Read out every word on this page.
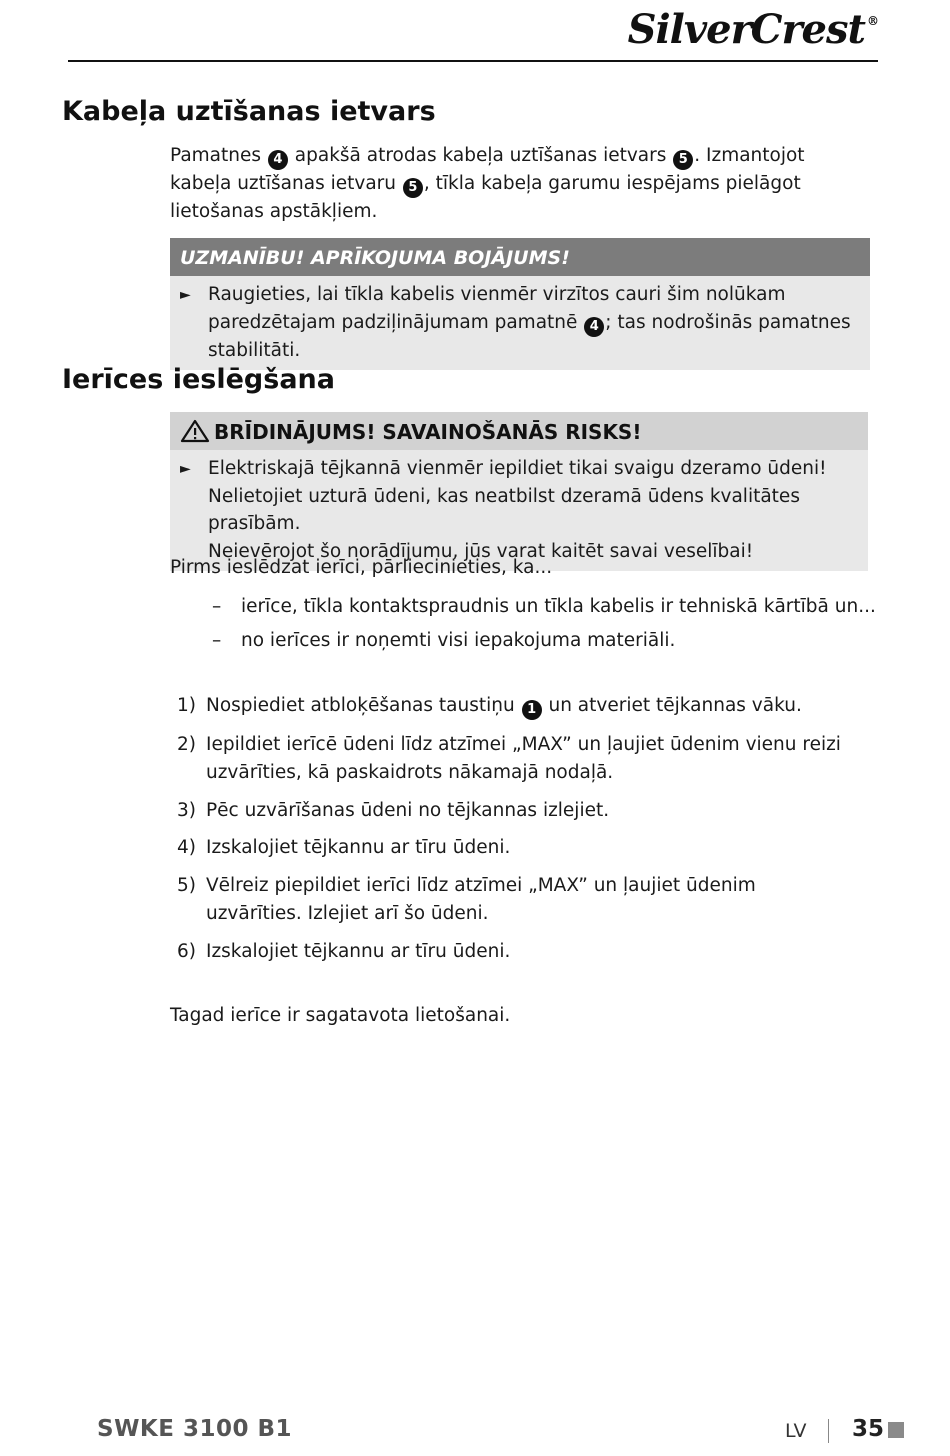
SilverCrest ®
Kabeļa uztīšanas ietvars

Pamatnes 4 apakšā atrodas kabeļa uztīšanas ietvars 5 . Izmantojot kabeļa uztīšanas ietvaru 5 , tīkla kabeļa garumu iespējams pielāgot lietošanas apstākļiem.

UZMANĪBU! APRĪKOJUMA BOJĀJUMS!
► Raugieties, lai tīkla kabelis vienmēr virzītos cauri šim nolūkam paredzētajam padziļinājumam pamatnē 4 ; tas nodrošinās pamatnes stabilitāti.
Ierīces ieslēgšana
BRĪDINĀJUMS! SAVAINOŠANĀS RISKS!
► Elektriskajā tējkannā vienmēr iepildiet tikai svaigu dzeramo ūdeni!
Nelietojiet uzturā ūdeni, kas neatbilst dzeramā ūdens kvalitātes prasībām.
Neievērojot šo norādījumu, jūs varat kaitēt savai veselībai!
Pirms ieslēdzat ierīci, pārliecinieties, ka...
– ierīce, tīkla kontaktspraudnis un tīkla kabelis ir tehniskā kārtībā un...
– no ierīces ir noņemti visi iepakojuma materiāli.
1) Nospiediet atbloķēšanas taustiņu 1 un atveriet tējkannas vāku.
2) Iepildiet ierīcē ūdeni līdz atzīmei „MAX” un ļaujiet ūdenim vienu reizi uzvārīties, kā paskaidrots nākamajā nodaļā.
3) Pēc uzvārīšanas ūdeni no tējkannas izlejiet.
4) Izskalojiet tējkannu ar tīru ūdeni.
5) Vēlreiz piepildiet ierīci līdz atzīmei „MAX” un ļaujiet ūdenim uzvārīties. Izlejiet arī šo ūdeni.
6) Izskalojiet tējkannu ar tīru ūdeni.
Tagad ierīce ir sagatavota lietošanai.
SWKE 3100 B1	LV 35
